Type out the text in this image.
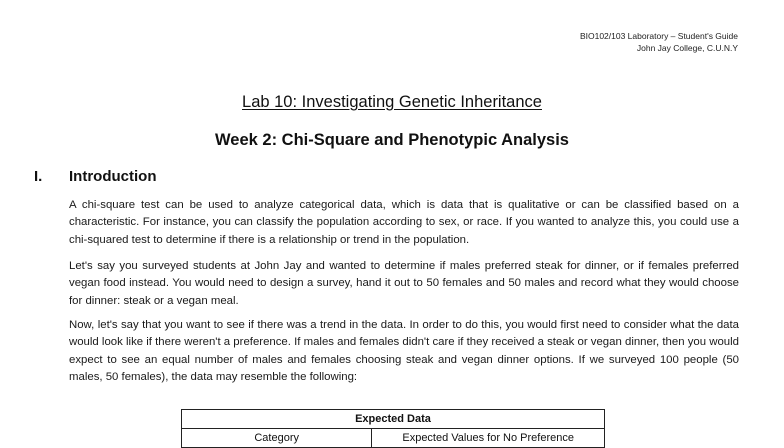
BIO102/103 Laboratory – Student's Guide
John Jay College, C.U.N.Y
Lab 10: Investigating Genetic Inheritance
Week 2: Chi-Square and Phenotypic Analysis
I. Introduction

A chi-square test can be used to analyze categorical data, which is data that is qualitative or can be classified based on a characteristic. For instance, you can classify the population according to sex, or race. If you wanted to analyze this, you could use a chi-squared test to determine if there is a relationship or trend in the population.

Let's say you surveyed students at John Jay and wanted to determine if males preferred steak for dinner, or if females preferred vegan food instead. You would need to design a survey, hand it out to 50 females and 50 males and record what they would choose for dinner: steak or a vegan meal.

Now, let's say that you want to see if there was a trend in the data. In order to do this, you would first need to consider what the data would look like if there weren't a preference. If males and females didn't care if they received a steak or vegan dinner, then you would expect to see an equal number of males and females choosing steak and vegan dinner options. If we surveyed 100 people (50 males, 50 females), the data may resemble the following:

Expected Data
Category	Expected Values for No Preference
